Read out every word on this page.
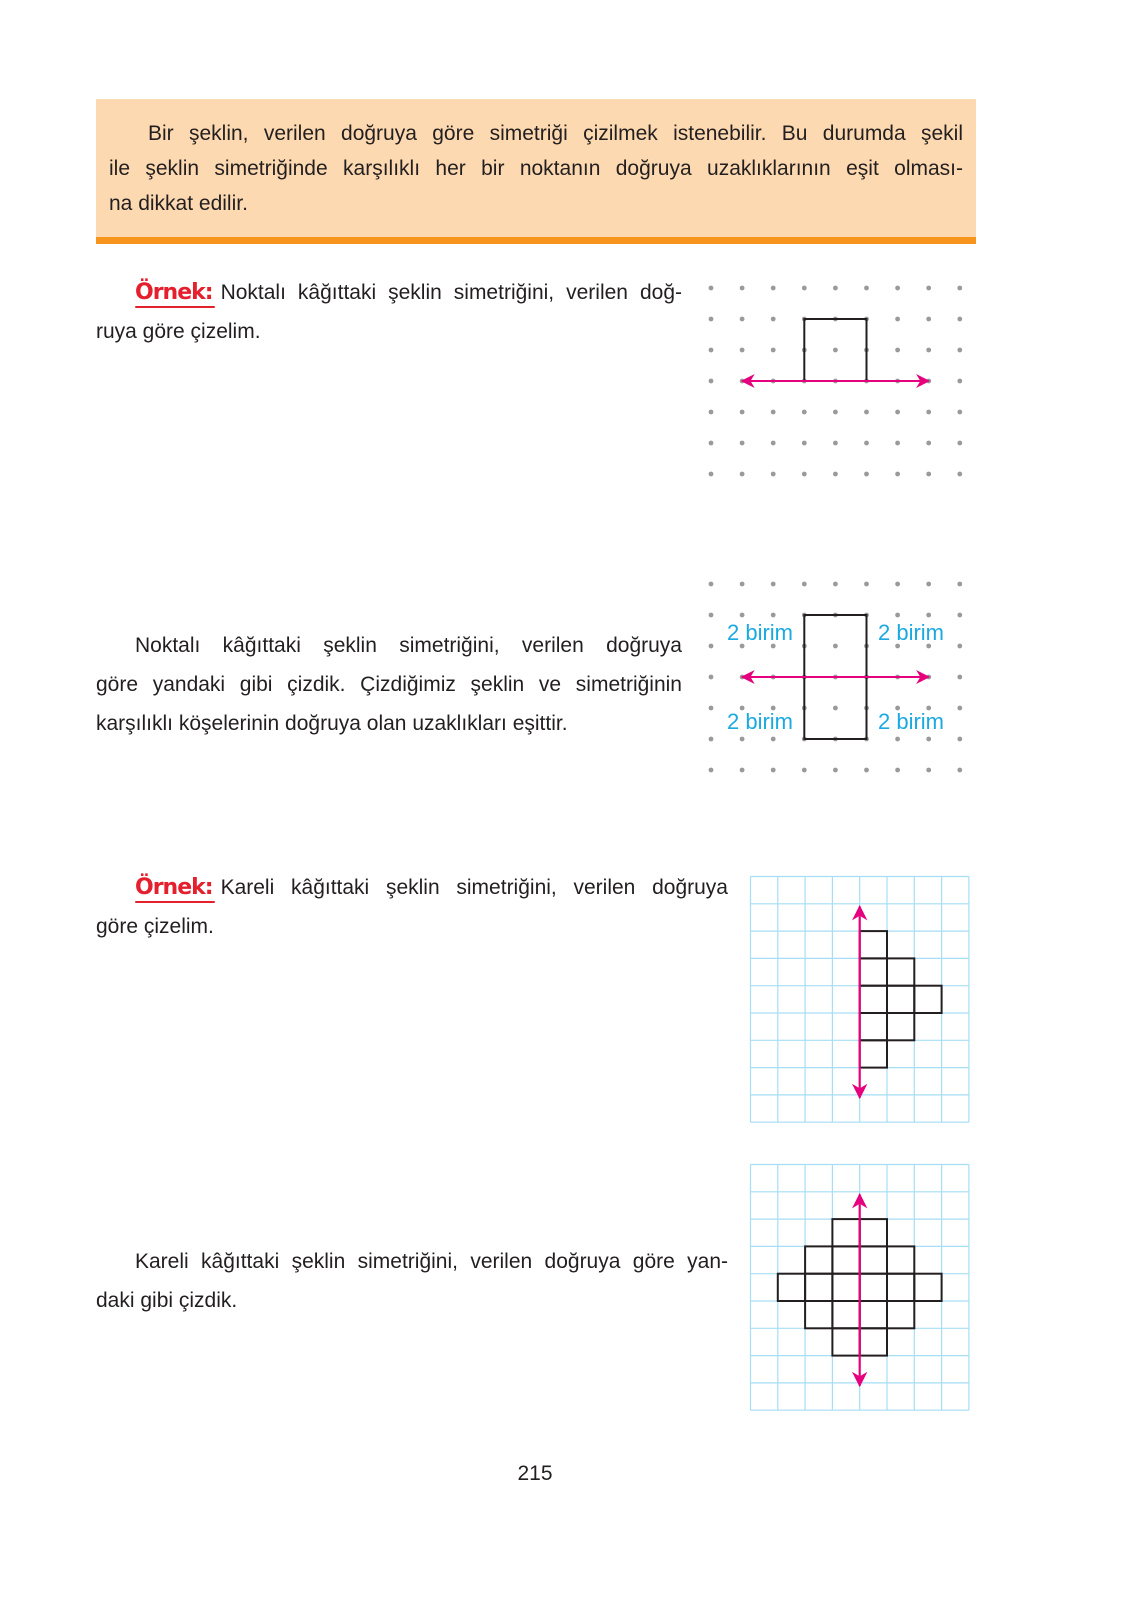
Bir şeklin, verilen doğruya göre simetriği çizilmek istenebilir. Bu durumda şekil
ile şeklin simetriğinde karşılıklı her bir noktanın doğruya uzaklıklarının eşit olması-
na dikkat edilir.
Örnek: Noktalı kâğıttaki şeklin simetriğini, verilen doğ-
ruya göre çizelim.
Noktalı kâğıttaki şeklin simetriğini, verilen doğruya
göre yandaki gibi çizdik. Çizdiğimiz şeklin ve simetriğinin
karşılıklı köşelerinin doğruya olan uzaklıkları eşittir.
Örnek: Kareli kâğıttaki şeklin simetriğini, verilen doğruya
göre çizelim.
Kareli kâğıttaki şeklin simetriğini, verilen doğruya göre yan-
daki gibi çizdik.
2 birim	2 birim
2 birim	2 birim
215
